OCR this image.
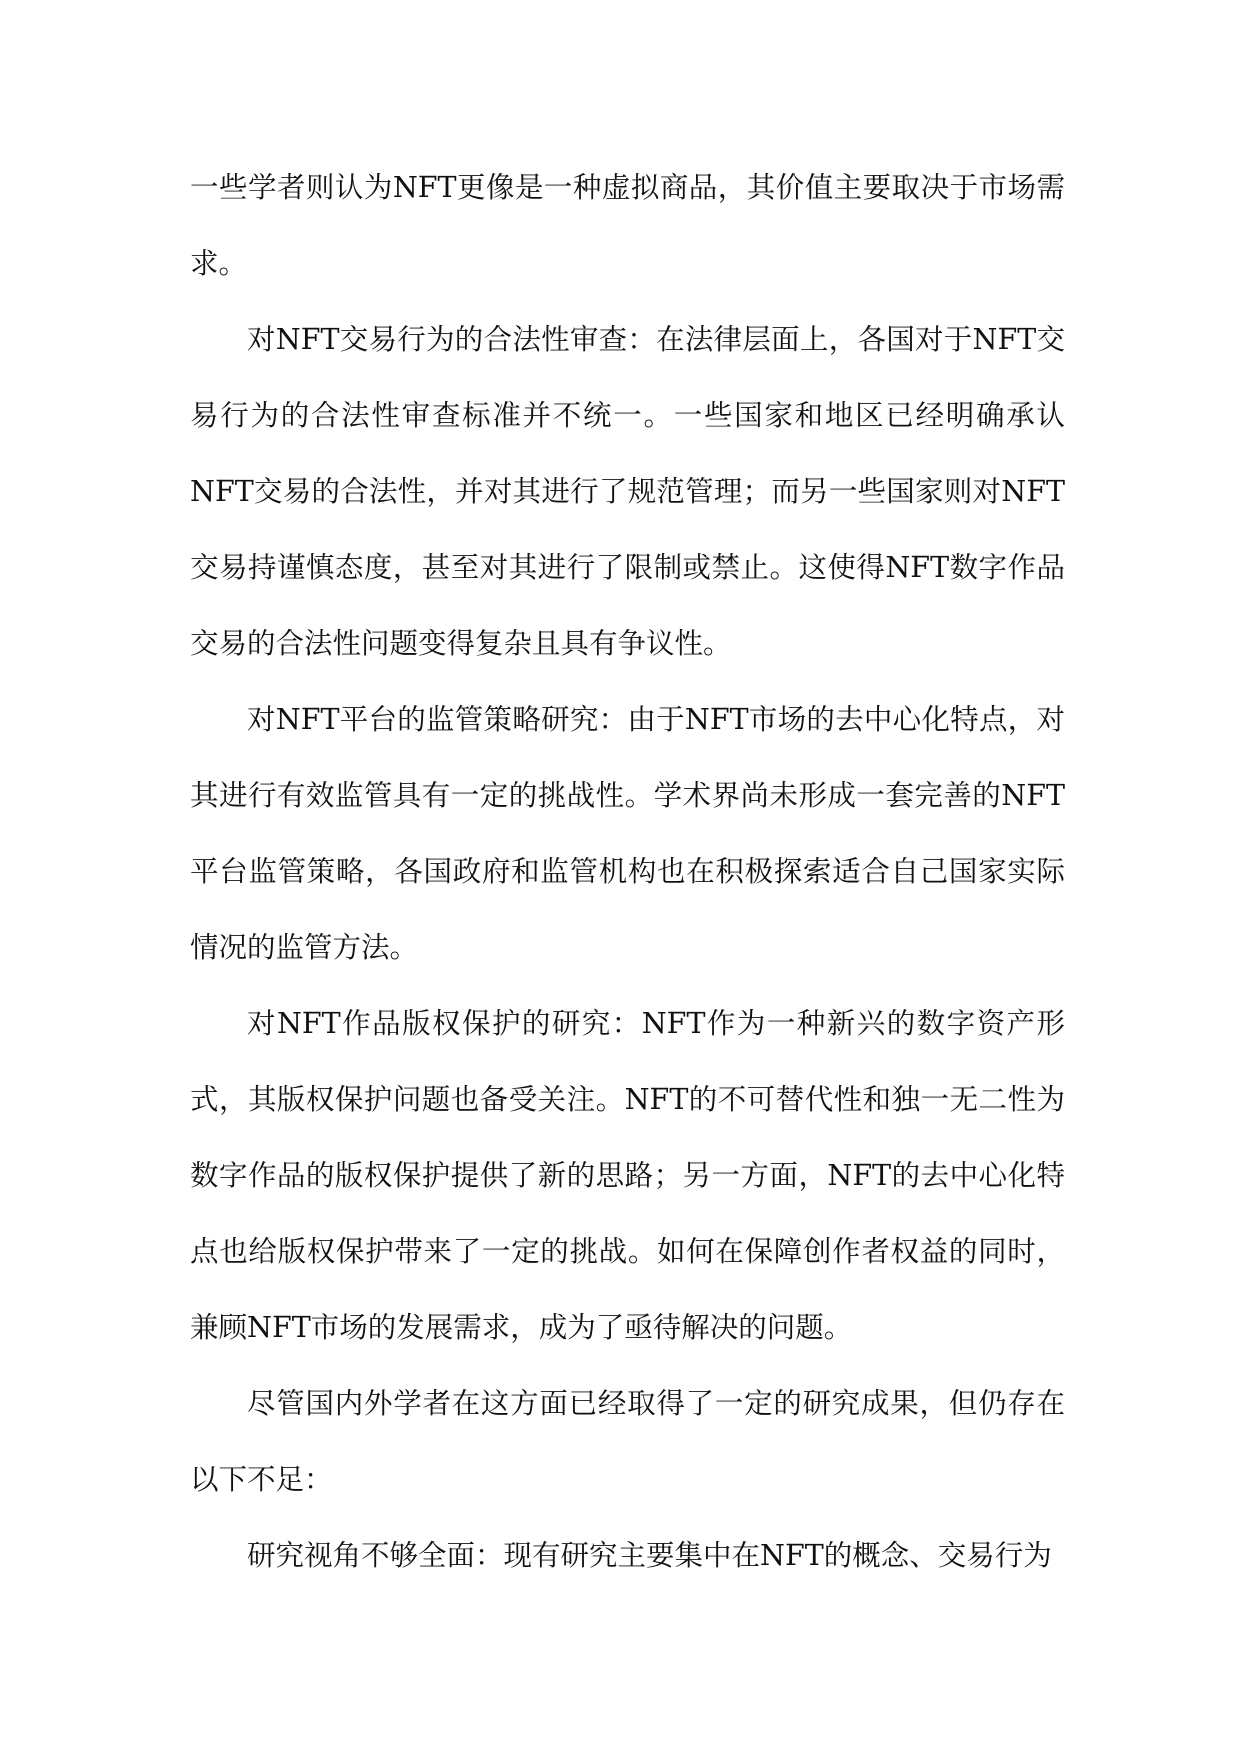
一些学者则认为NFT更像是一种虚拟商品，其价值主要取决于市场需求。

对NFT交易行为的合法性审查：在法律层面上，各国对于NFT交易行为的合法性审查标准并不统一。一些国家和地区已经明确承认NFT交易的合法性，并对其进行了规范管理；而另一些国家则对NFT交易持谨慎态度，甚至对其进行了限制或禁止。这使得NFT数字作品交易的合法性问题变得复杂且具有争议性。

对NFT平台的监管策略研究：由于NFT市场的去中心化特点，对其进行有效监管具有一定的挑战性。学术界尚未形成一套完善的NFT平台监管策略，各国政府和监管机构也在积极探索适合自己国家实际情况的监管方法。

对NFT作品版权保护的研究：NFT作为一种新兴的数字资产形式，其版权保护问题也备受关注。NFT的不可替代性和独一无二性为数字作品的版权保护提供了新的思路；另一方面，NFT的去中心化特点也给版权保护带来了一定的挑战。如何在保障创作者权益的同时，兼顾NFT市场的发展需求，成为了亟待解决的问题。

尽管国内外学者在这方面已经取得了一定的研究成果，但仍存在以下不足：

研究视角不够全面：现有研究主要集中在NFT的概念、交易行为
